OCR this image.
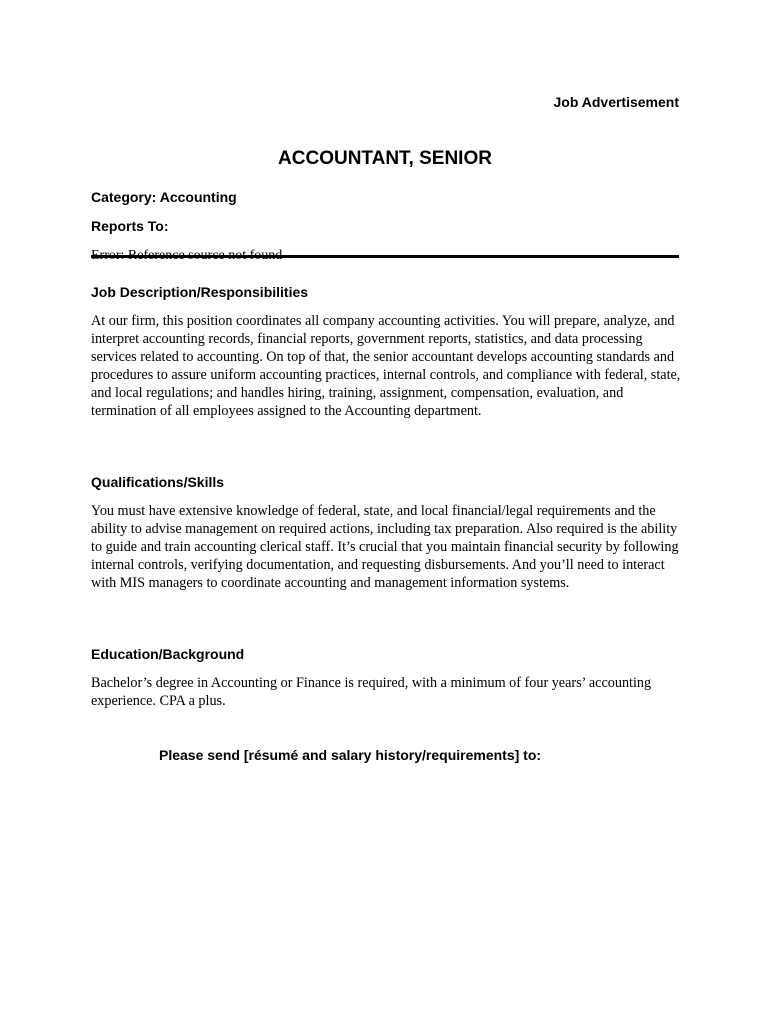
Job Advertisement
ACCOUNTANT, SENIOR
Category: Accounting
Reports To:
Job Description/Responsibilities

At our firm, this position coordinates all company accounting activities. You will prepare, analyze, and interpret accounting records, financial reports, government reports, statistics, and data processing services related to accounting. On top of that, the senior accountant develops accounting standards and procedures to assure uniform accounting practices, internal controls, and compliance with federal, state, and local regulations; and handles hiring, training, assignment, compensation, evaluation, and termination of all employees assigned to the Accounting department.

Qualifications/Skills

You must have extensive knowledge of federal, state, and local financial/legal requirements and the ability to advise management on required actions, including tax preparation. Also required is the ability to guide and train accounting clerical staff. It’s crucial that you maintain financial security by following internal controls, verifying documentation, and requesting disbursements. And you’ll need to interact with MIS managers to coordinate accounting and management information systems.

Education/Background

Bachelor’s degree in Accounting or Finance is required, with a minimum of four years’ accounting experience. CPA a plus.

Please send [résumé and salary history/requirements] to:
